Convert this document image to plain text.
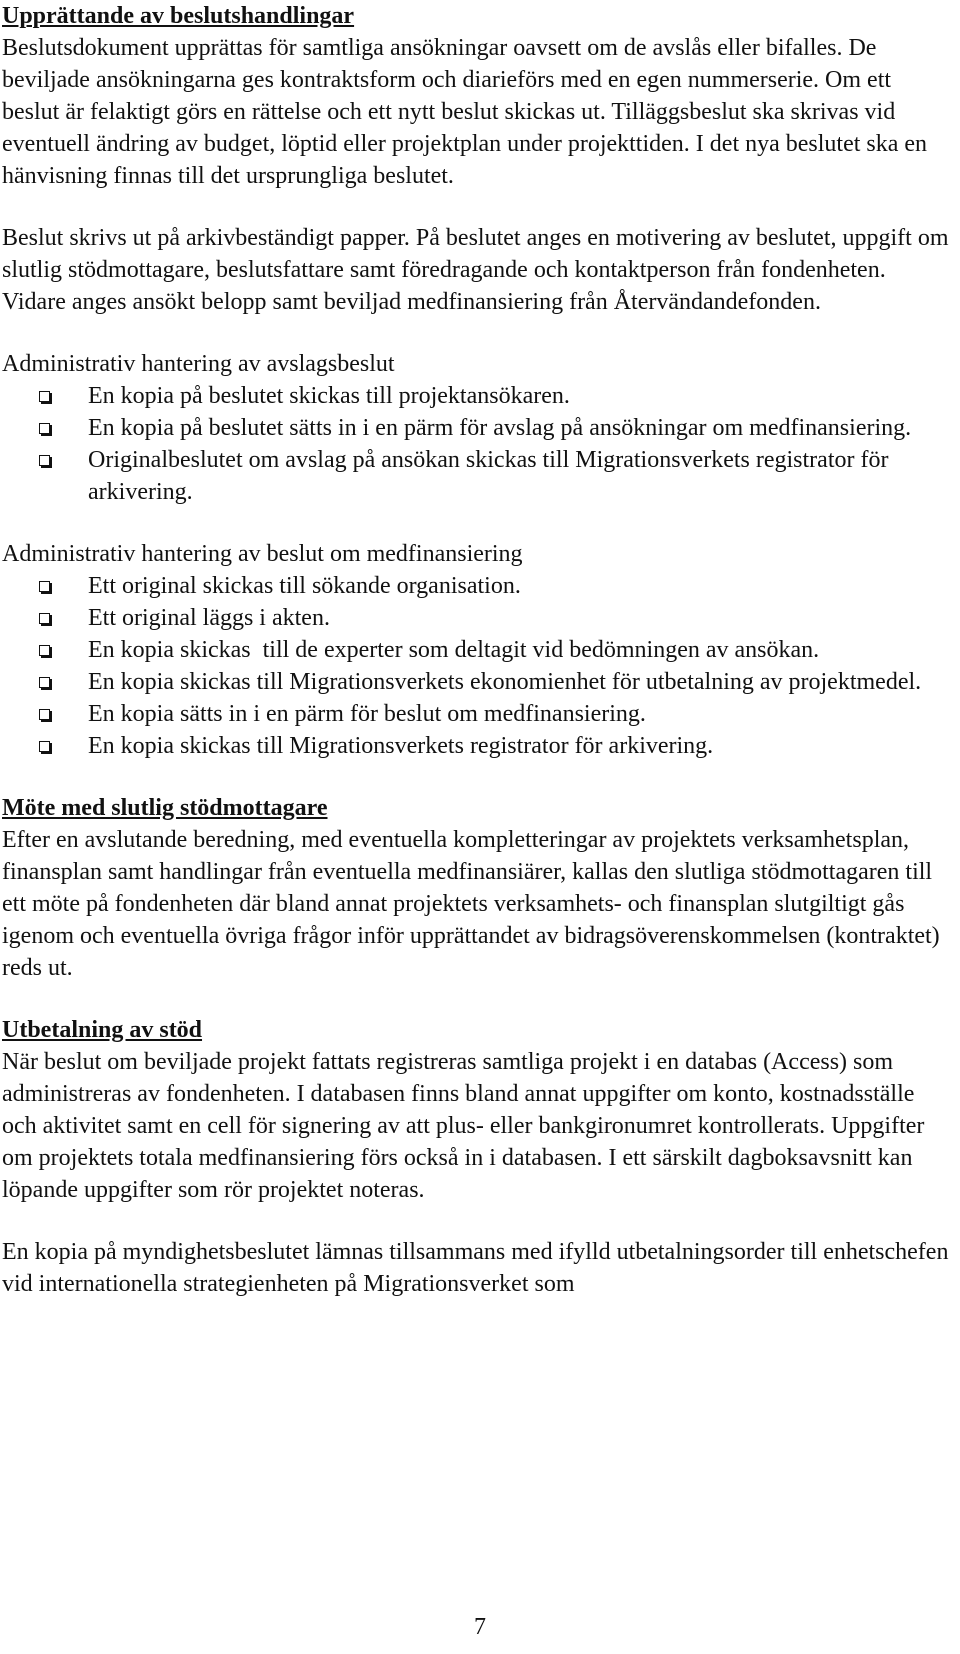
Upprättande av beslutshandlingar
Beslutsdokument upprättas för samtliga ansökningar oavsett om de avslås eller bifalles. De beviljade ansökningarna ges kontraktsform och diarieförs med en egen nummerserie. Om ett beslut är felaktigt görs en rättelse och ett nytt beslut skickas ut. Tilläggsbeslut ska skrivas vid eventuell ändring av budget, löptid eller projektplan under projekttiden. I det nya beslutet ska en hänvisning finnas till det ursprungliga beslutet.
Beslut skrivs ut på arkivbeständigt papper. På beslutet anges en motivering av beslutet, uppgift om slutlig stödmottagare, beslutsfattare samt föredragande och kontaktperson från fondenheten. Vidare anges ansökt belopp samt beviljad medfinansiering från Återvändandefonden.
Administrativ hantering av avslagsbeslut
En kopia på beslutet skickas till projektansökaren.
En kopia på beslutet sätts in i en pärm för avslag på ansökningar om medfinansiering.
Originalbeslutet om avslag på ansökan skickas till Migrationsverkets registrator för arkivering.
Administrativ hantering av beslut om medfinansiering
Ett original skickas till sökande organisation.
Ett original läggs i akten.
En kopia skickas  till de experter som deltagit vid bedömningen av ansökan.
En kopia skickas till Migrationsverkets ekonomienhet för utbetalning av projektmedel.
En kopia sätts in i en pärm för beslut om medfinansiering.
En kopia skickas till Migrationsverkets registrator för arkivering.
Möte med slutlig stödmottagare
Efter en avslutande beredning, med eventuella kompletteringar av projektets verksamhetsplan, finansplan samt handlingar från eventuella medfinansiärer, kallas den slutliga stödmottagaren till ett möte på fondenheten där bland annat projektets verksamhets- och finansplan slutgiltigt gås igenom och eventuella övriga frågor inför upprättandet av bidragsöverenskommelsen (kontraktet) reds ut.
Utbetalning av stöd
När beslut om beviljade projekt fattats registreras samtliga projekt i en databas (Access) som administreras av fondenheten. I databasen finns bland annat uppgifter om konto, kostnadsställe och aktivitet samt en cell för signering av att plus- eller bankgironumret kontrollerats. Uppgifter om projektets totala medfinansiering förs också in i databasen. I ett särskilt dagboksavsnitt kan löpande uppgifter som rör projektet noteras.
En kopia på myndighetsbeslutet lämnas tillsammans med ifylld utbetalningsorder till enhetschefen vid internationella strategienheten på Migrationsverket som
7
